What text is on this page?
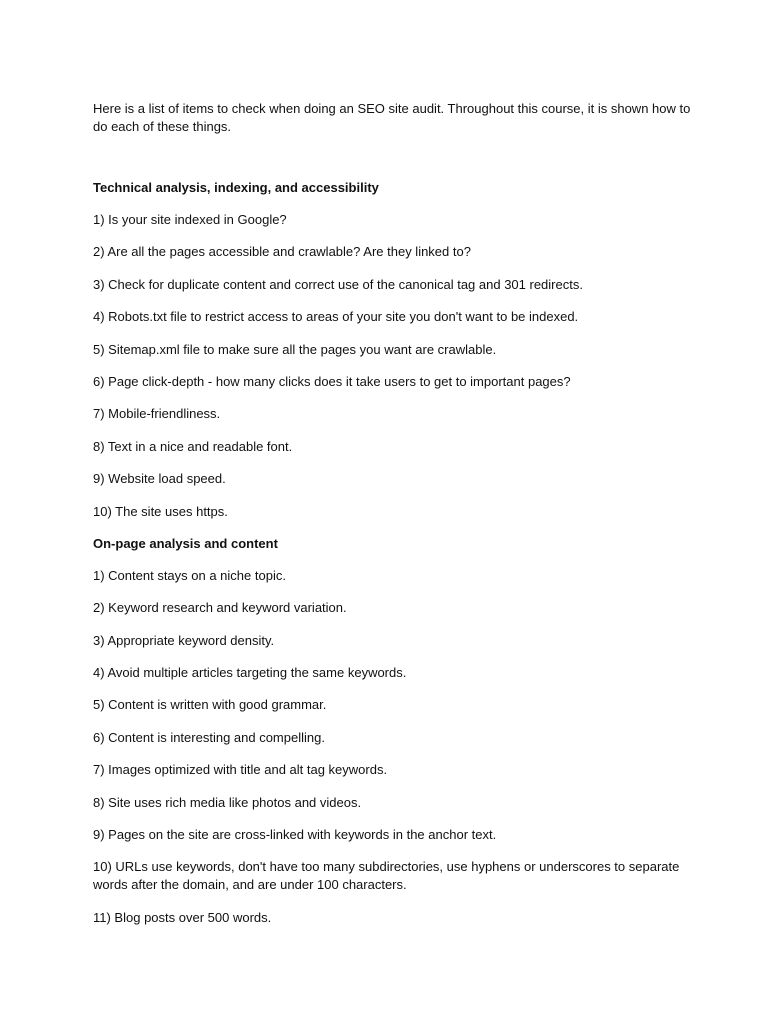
Here is a list of items to check when doing an SEO site audit. Throughout this course, it is shown how to do each of these things.

Technical analysis, indexing, and accessibility
1) Is your site indexed in Google?
2) Are all the pages accessible and crawlable? Are they linked to?
3) Check for duplicate content and correct use of the canonical tag and 301 redirects.
4) Robots.txt file to restrict access to areas of your site you don't want to be indexed.
5) Sitemap.xml file to make sure all the pages you want are crawlable.
6) Page click-depth - how many clicks does it take users to get to important pages?
7) Mobile-friendliness.
8) Text in a nice and readable font.
9) Website load speed.
10) The site uses https.
On-page analysis and content
1) Content stays on a niche topic.
2) Keyword research and keyword variation.
3) Appropriate keyword density.
4) Avoid multiple articles targeting the same keywords.
5) Content is written with good grammar.
6) Content is interesting and compelling.
7) Images optimized with title and alt tag keywords.
8) Site uses rich media like photos and videos.
9) Pages on the site are cross-linked with keywords in the anchor text.
10) URLs use keywords, don't have too many subdirectories, use hyphens or underscores to separate words after the domain, and are under 100 characters.
11) Blog posts over 500 words.
